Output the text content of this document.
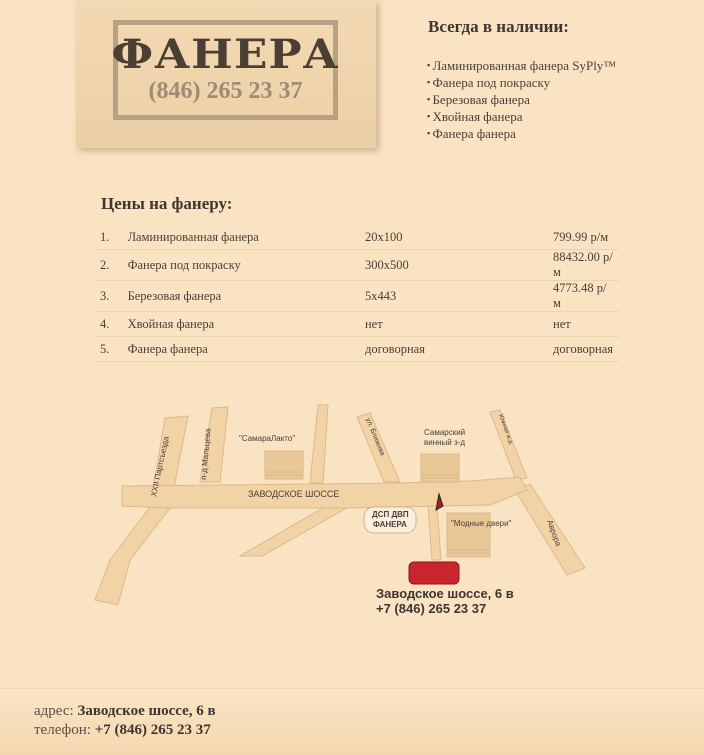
ФАНЕРА
(846) 265 23 37
Всегда в наличии:
▪ Ламинированная фанера SyPly™
▪ Фанера под покраску
▪ Березовая фанера
▪ Хвойная фанера
▪ Фанера фанера
Цены на фанеру:
1.	Ламинированная фанера	20x100	799.99 р/м
2.	Фанера под покраску	300x500	88432.00 р/м
3.	Березовая фанера	5x443	4773.48 р/м
4.	Хвойная фанера	нет	нет
5.	Фанера фанера	договорная	договорная
ЗАВОДСКОЕ ШОССЕ
XXII Партсъезда	п-д Мальцева	ул. Ближняя	Южная ж.д.
Аврора
"СамараЛакто"
Самарский
винный з-д
"Модные двери"
ДСП ДВП
ФАНЕРА
Заводское шоссе, 6 в
+7 (846) 265 23 37
адрес: Заводское шоссе, 6 в
телефон: +7 (846) 265 23 37
